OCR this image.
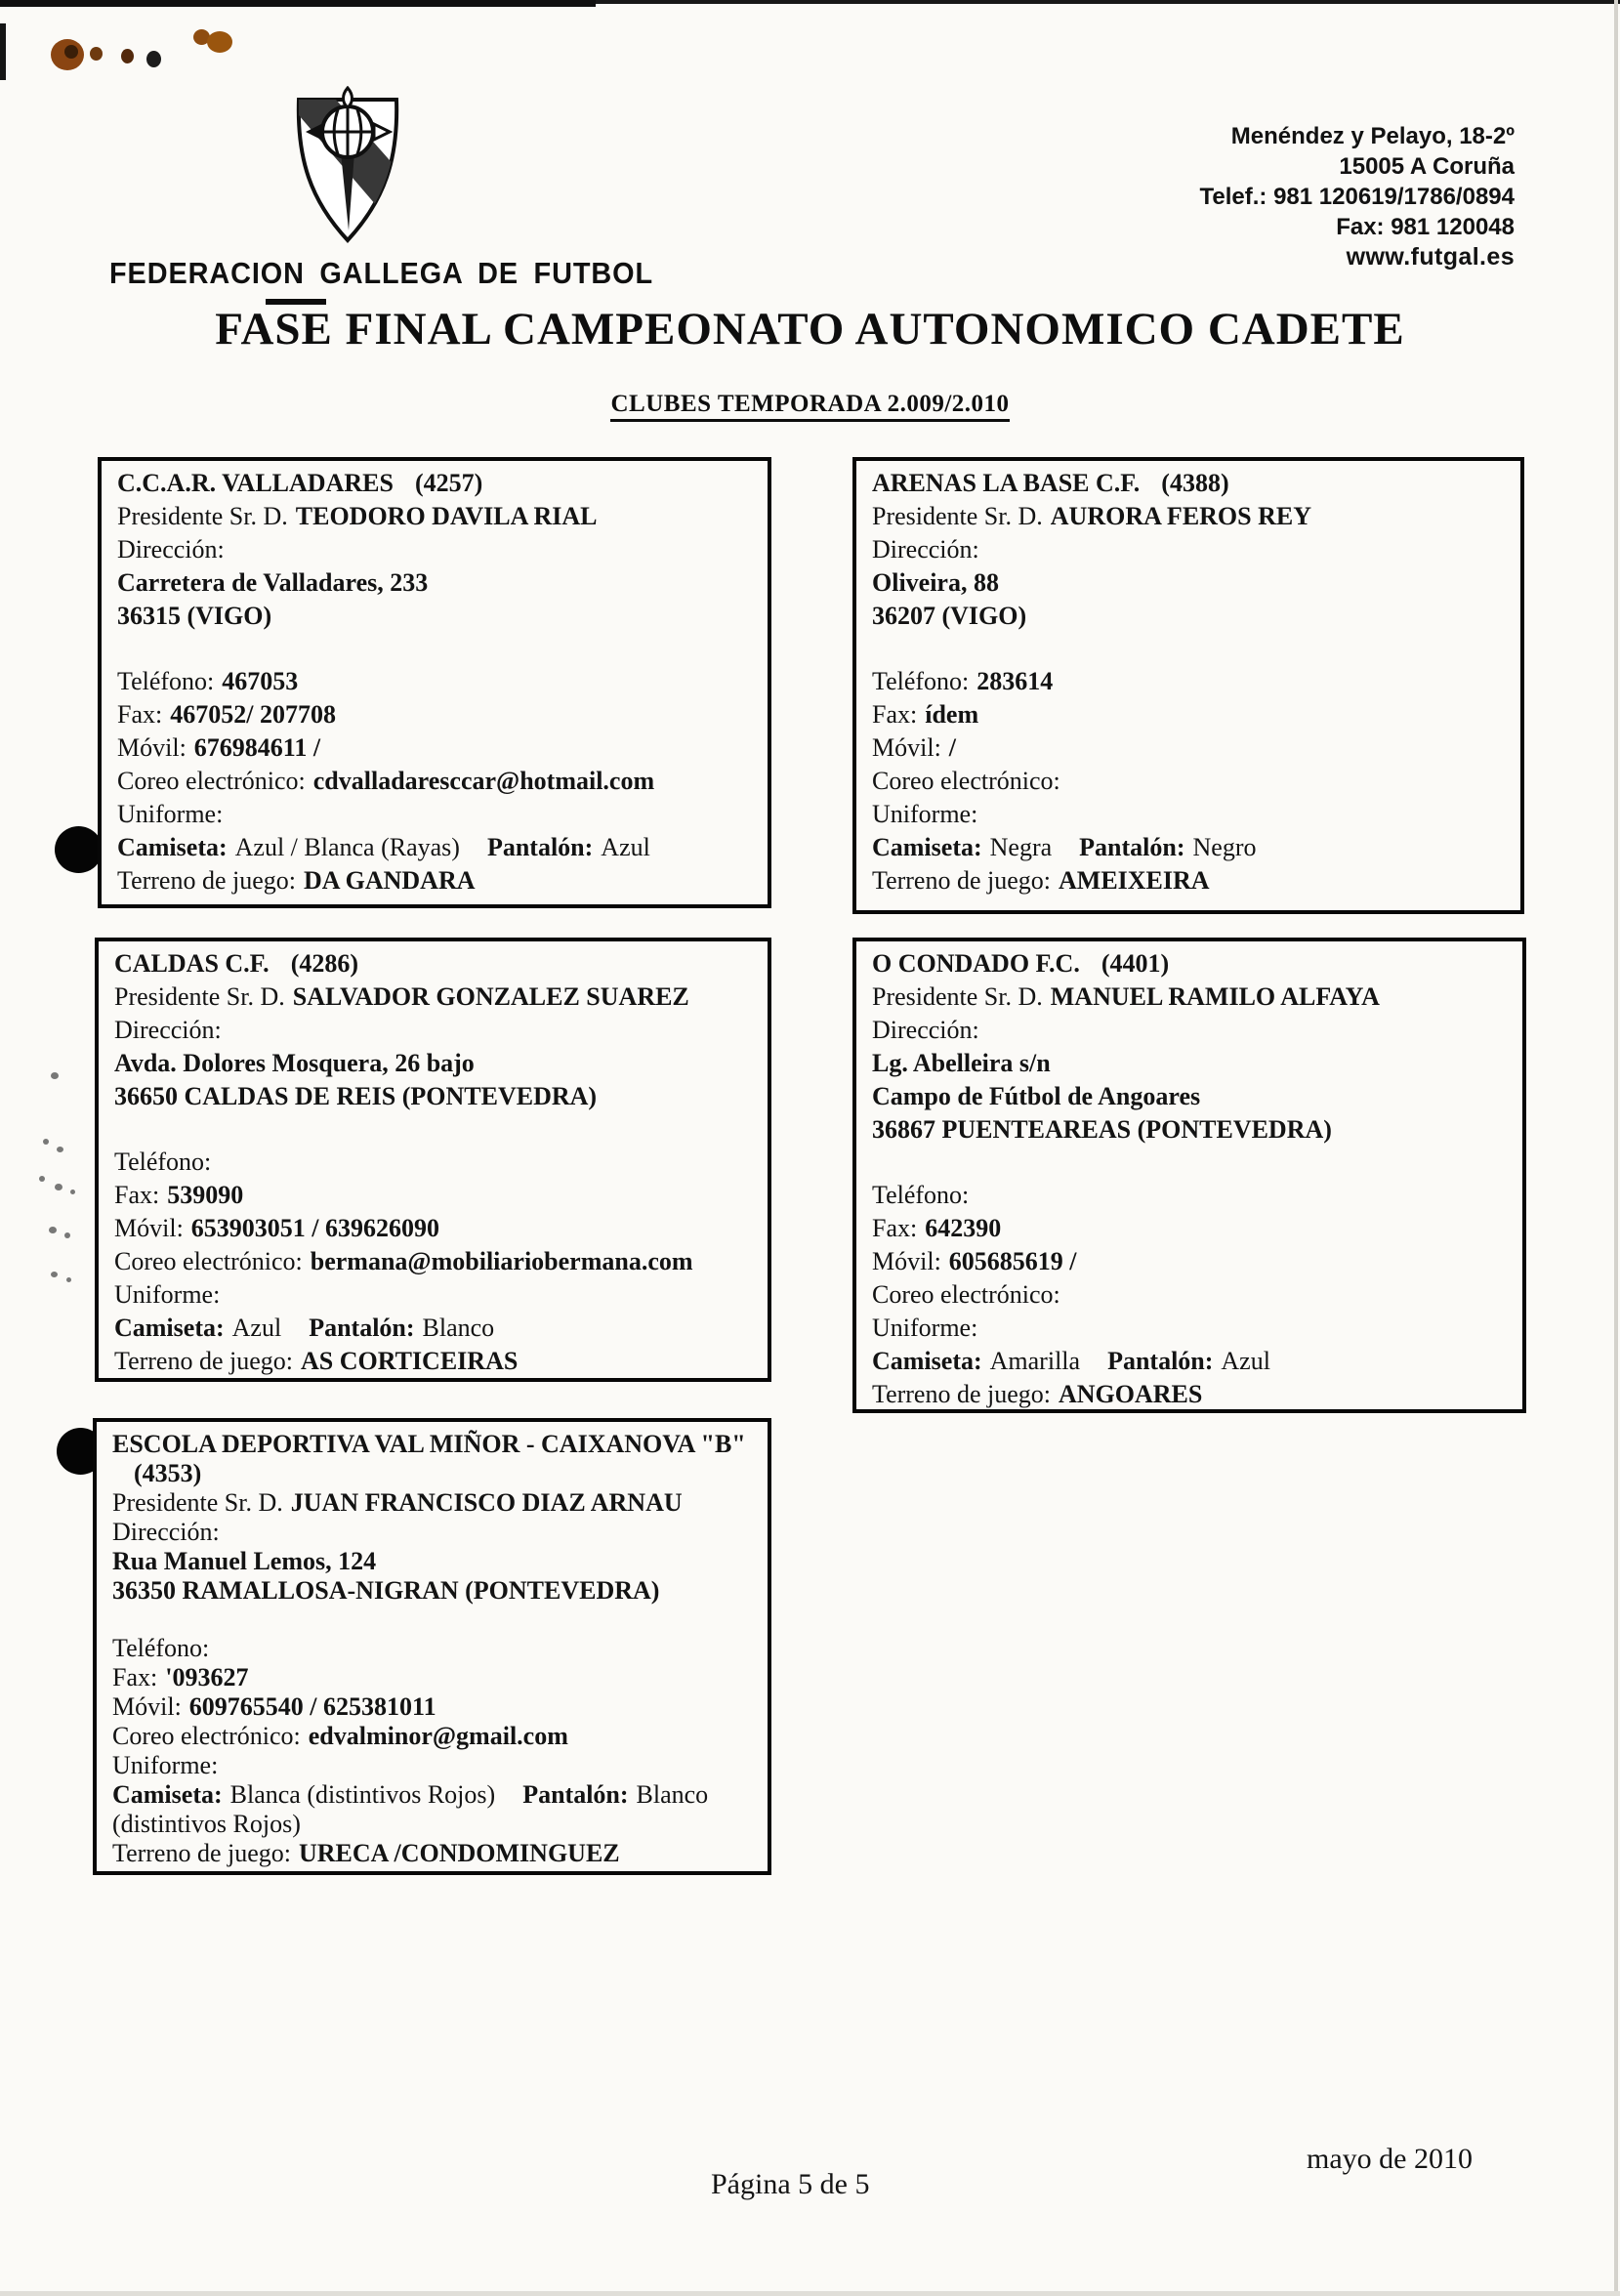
FEDERACION GALLEGA DE FUTBOL
Menéndez y Pelayo, 18-2º
15005 A Coruña
Telef.: 981 120619/1786/0894
Fax: 981 120048
www.futgal.es
FASE FINAL CAMPEONATO AUTONOMICO CADETE
CLUBES TEMPORADA 2.009/2.010
C.C.A.R. VALLADARES (4257)
Presidente Sr. D. TEODORO DAVILA RIAL
Dirección:
Carretera de Valladares, 233
36315 (VIGO)
Teléfono: 467053
Fax: 467052/ 207708
Móvil: 676984611 /
Coreo electrónico: cdvalladaresccar@hotmail.com
Uniforme:
Camiseta: Azul / Blanca (Rayas) Pantalón: Azul
Terreno de juego: DA GANDARA
ARENAS LA BASE C.F. (4388)
Presidente Sr. D. AURORA FEROS REY
Dirección:
Oliveira, 88
36207 (VIGO)
Teléfono: 283614
Fax: ídem
Móvil: /
Coreo electrónico:
Uniforme:
Camiseta: Negra Pantalón: Negro
Terreno de juego: AMEIXEIRA
CALDAS C.F. (4286)
Presidente Sr. D. SALVADOR GONZALEZ SUAREZ
Dirección:
Avda. Dolores Mosquera, 26 bajo
36650 CALDAS DE REIS (PONTEVEDRA)
Teléfono:
Fax: 539090
Móvil: 653903051 / 639626090
Coreo electrónico: bermana@mobiliariobermana.com
Uniforme:
Camiseta: Azul Pantalón: Blanco
Terreno de juego: AS CORTICEIRAS
O CONDADO F.C. (4401)
Presidente Sr. D. MANUEL RAMILO ALFAYA
Dirección:
Lg. Abelleira s/n
Campo de Fútbol de Angoares
36867 PUENTEAREAS (PONTEVEDRA)
Teléfono:
Fax: 642390
Móvil: 605685619 /
Coreo electrónico:
Uniforme:
Camiseta: Amarilla Pantalón: Azul
Terreno de juego: ANGOARES
ESCOLA DEPORTIVA VAL MIÑOR - CAIXANOVA "B"(4353)
Presidente Sr. D. JUAN FRANCISCO DIAZ ARNAU
Dirección:
Rua Manuel Lemos, 124
36350 RAMALLOSA-NIGRAN (PONTEVEDRA)
Teléfono:
Fax: '093627
Móvil: 609765540 / 625381011
Coreo electrónico: edvalminor@gmail.com
Uniforme:
Camiseta: Blanca (distintivos Rojos) Pantalón: Blanco (distintivos Rojos)
Terreno de juego: URECA /CONDOMINGUEZ
mayo de 2010
Página 5 de 5
